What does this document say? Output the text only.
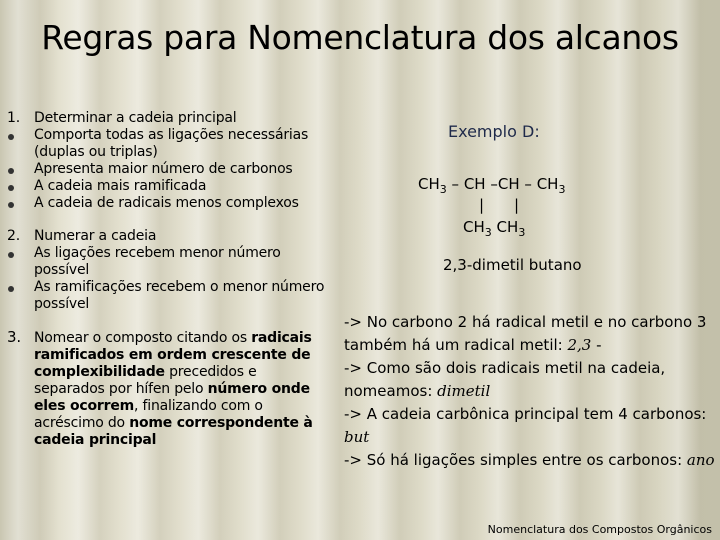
Regras para Nomenclatura dos alcanos
1. Determinar a cadeia principal
Comporta todas as ligações necessárias (duplas ou triplas)
Apresenta maior número de carbonos
A cadeia mais ramificada
A cadeia de radicais menos complexos
2. Numerar a cadeia
As ligações recebem menor número possível
As ramificações recebem o menor número possível
3. Nomear o composto citando os radicais ramificados em ordem crescente de complexibilidade precedidos e separados por hífen pelo número onde eles ocorrem, finalizando com o acréscimo do nome correspondente à cadeia principal
Exemplo D:
$CH_3$ – CH $-CH - CH_3$
| |
$CH_3$ $CH_3$
2,3-dimetil butano
-> No carbono 2 há radical metil e no carbono 3 também há um radical metil: 2,3 -
-> Como são dois radicais metil na cadeia, nomeamos: dimetil
-> A cadeia carbônica principal tem 4 carbonos: but
-> Só há ligações simples entre os carbonos: ano
Nomenclatura dos Compostos Orgânicos
